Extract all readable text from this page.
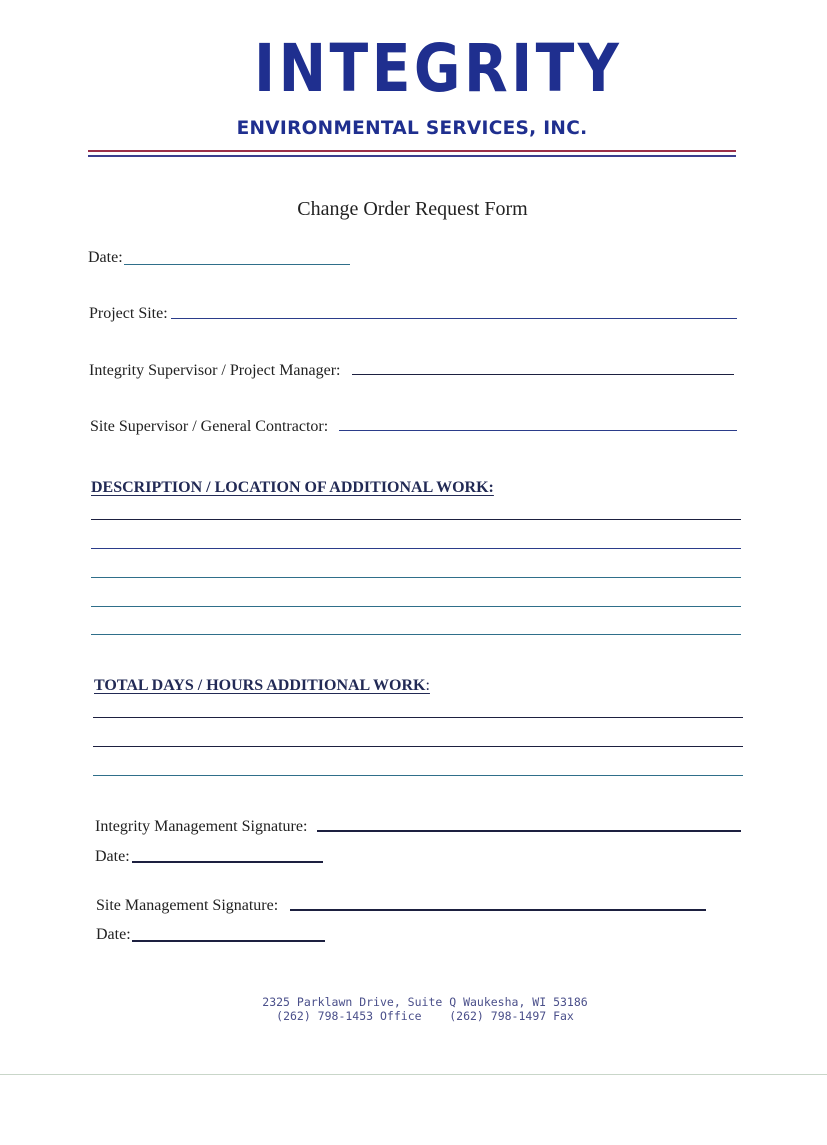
INTEGRITY
ENVIRONMENTAL SERVICES, INC.
Change Order Request Form
Date:
Project Site:
Integrity Supervisor / Project Manager:
Site Supervisor / General Contractor:
DESCRIPTION / LOCATION OF ADDITIONAL WORK:
TOTAL DAYS / HOURS ADDITIONAL WORK:
Integrity Management Signature:
Date:
Site Management Signature:
Date:
2325 Parklawn Drive, Suite Q Waukesha, WI 53186
(262) 798-1453 Office    (262) 798-1497 Fax
